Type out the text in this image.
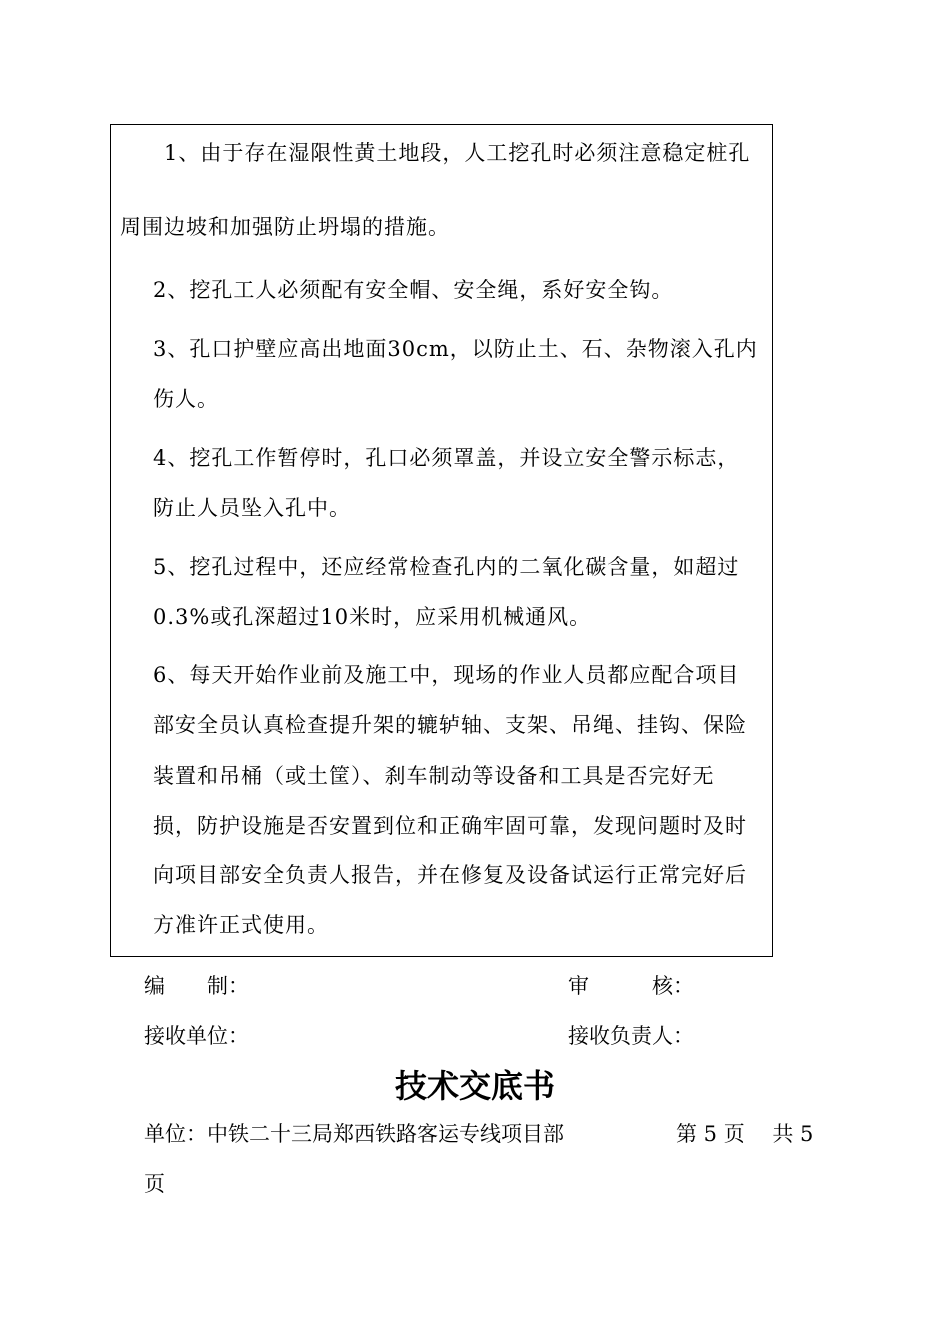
1、由于存在湿限性黄土地段，人工挖孔时必须注意稳定桩孔
周围边坡和加强防止坍塌的措施。
2、挖孔工人必须配有安全帽、安全绳，系好安全钩。
3、孔口护壁应高出地面30cm，以防止土、石、杂物滚入孔内
伤人。
4、挖孔工作暂停时，孔口必须罩盖，并设立安全警示标志，
防止人员坠入孔中。
5、挖孔过程中，还应经常检查孔内的二氧化碳含量，如超过
0.3%或孔深超过10米时，应采用机械通风。
6、每天开始作业前及施工中，现场的作业人员都应配合项目
部安全员认真检查提升架的辘轳轴、支架、吊绳、挂钩、保险
装置和吊桶（或土筐）、刹车制动等设备和工具是否完好无
损，防护设施是否安置到位和正确牢固可靠，发现问题时及时
向项目部安全负责人报告，并在修复及设备试运行正常完好后
方准许正式使用。
编　　制：	审　　　核：
接收单位：	接收负责人：
技术交底书
单位：中铁二十三局郑西铁路客运专线项目部	第 5 页　 共 5
页
